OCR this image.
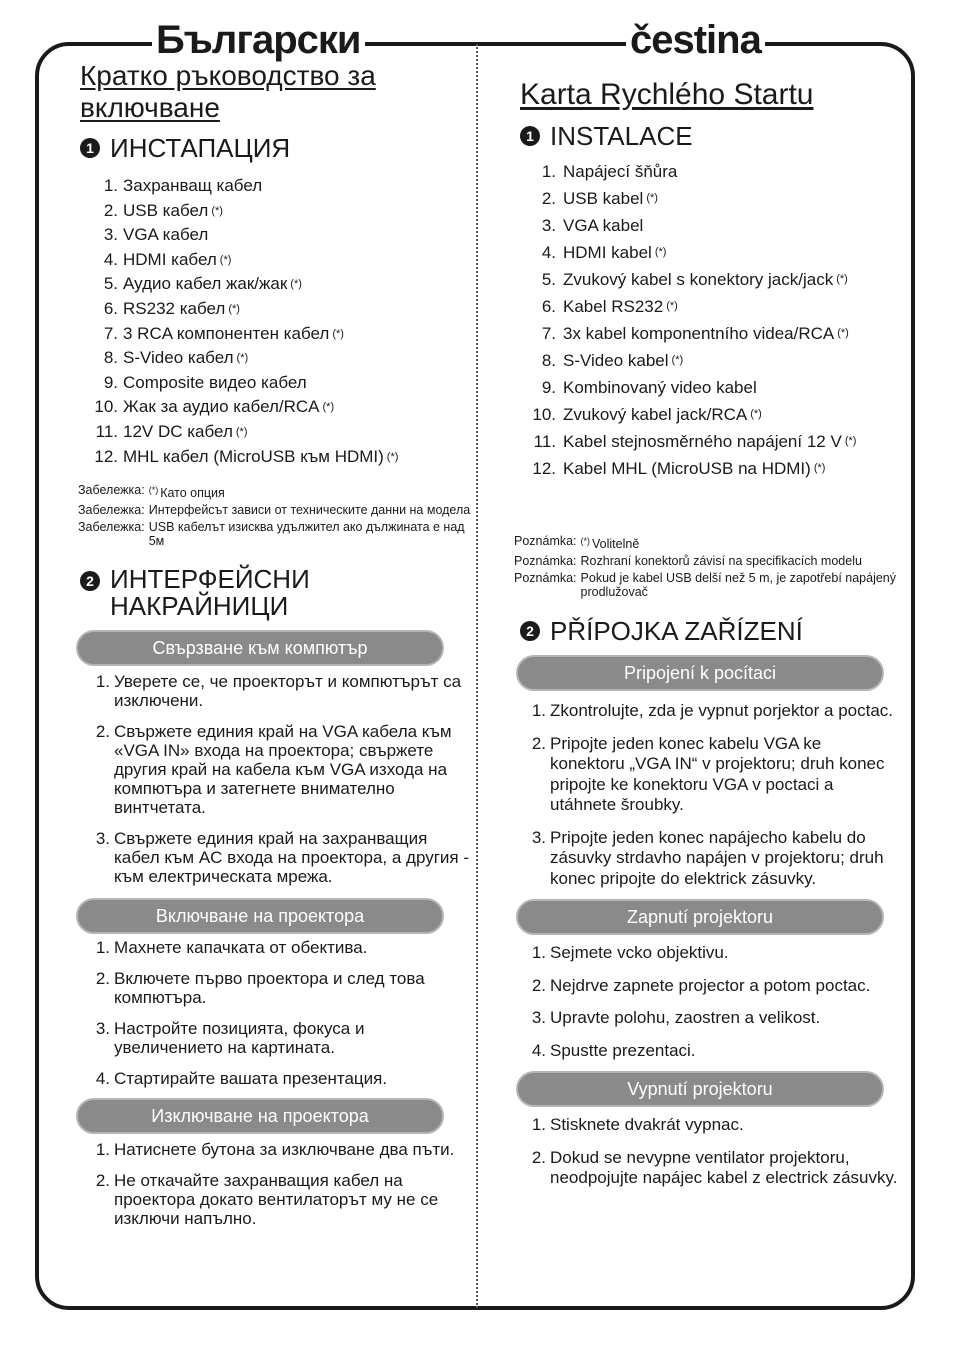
Български	čestina
Кратко ръководство за включване
1 ИНСТАПАЦИЯ
1. Захранващ кабел
2. USB кабел (*)
3. VGA кабел
4. HDMI кабел (*)
5. Аудио кабел жак/жак (*)
6. RS232 кабел (*)
7. 3 RCA компонентен кабел (*)
8. S-Video кабел (*)
9. Composite видео кабел
10. Жак за аудио кабел/RCA (*)
11. 12V DC кабел (*)
12. MHL кабел (MicroUSB към HDMI) (*)
Забележка: (*) Като опция
Забележка: Интерфейсът зависи от техническите данни на модела
Забележка: USB кабелът изисква удължител ако дължината е над 5м
2 ИНТЕРФЕЙСНИ НАКРАЙНИЦИ
Свързване към компютър
1. Уверете се, че проекторът и компютърът са изключени.
2. Свържете единия край на VGA кабела към «VGA IN» входа на проектора; свържете другия край на кабела към VGA изхода на компютъра и затегнете внимателно винтчетата.
3. Свържете единия край на захранващия кабел към AC входа на проектора, а другия - към електрическата мрежа.
Включване на проектора
1. Махнете капачката от обектива.
2. Включете първо проектора и след това компютъра.
3. Настройте позицията, фокуса и увеличението на картината.
4. Стартирайте вашата презентация.
Изключване на проектора
1. Натиснете бутона за изключване два пъти.
2. Не откачайте захранващия кабел на проектора докато вентилаторът му не се изключи напълно.
Karta Rychlého Startu
1 INSTALACE
1. Napájecí šňůra
2. USB kabel (*)
3. VGA kabel
4. HDMI kabel (*)
5. Zvukový kabel s konektory jack/jack (*)
6. Kabel RS232 (*)
7. 3x kabel komponentního videa/RCA (*)
8. S-Video kabel (*)
9. Kombinovaný video kabel
10. Zvukový kabel jack/RCA (*)
11. Kabel stejnosměrného napájení 12 V (*)
12. Kabel MHL (MicroUSB na HDMI) (*)
Poznámka: (*) Volitelně
Poznámka: Rozhraní konektorů závisí na specifikacích modelu
Poznámka: Pokud je kabel USB delší než 5 m, je zapotřebí napájený prodlužovač
2 PŘÍPOJKA ZAŘÍZENÍ
Pripojení k pocítaci
1. Zkontrolujte, zda je vypnut porjektor a poctac.
2. Pripojte jeden konec kabelu VGA ke konektoru „VGA IN“ v projektoru; druh konec pripojte ke konektoru VGA v poctaci a utáhnete šroubky.
3. Pripojte jeden konec napájecho kabelu do zásuvky strdavho napájen v projektoru; druh konec pripojte do elektrick zásuvky.
Zapnutí projektoru
1. Sejmete vcko objektivu.
2. Nejdrve zapnete projector a potom poctac.
3. Upravte polohu, zaostren a velikost.
4. Spustte prezentaci.
Vypnutí projektoru
1. Stisknete dvakrát vypnac.
2. Dokud se nevypne ventilator projektoru, neodpojujte napájec kabel z electrick zásuvky.
